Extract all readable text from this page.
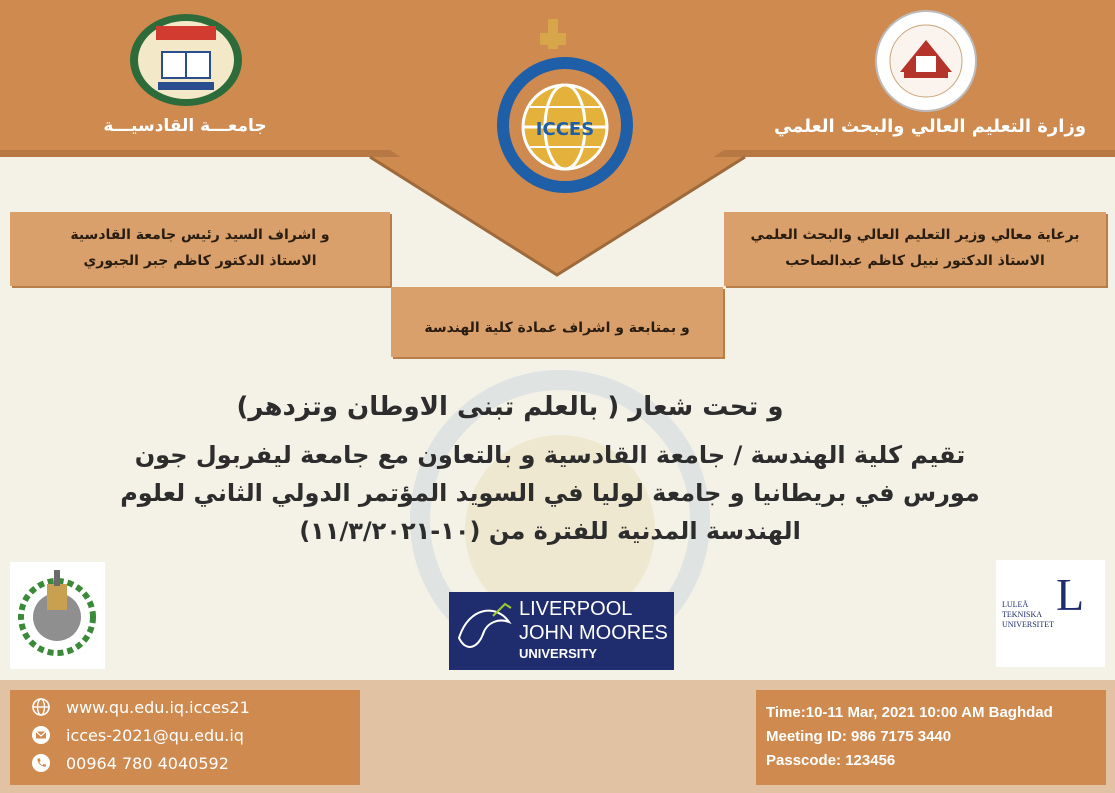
ICCES
جامعـــة القادسيـــة	وزارة التعليم العالي والبحث العلمي

برعاية معالي وزير التعليم العالي والبحث العلمي

الاستاذ الدكتور نبيل كاظم عبدالصاحب

و اشراف السيد رئيس جامعة القادسية

الاستاذ الدكتور كاظم جبر الجبوري

و بمتابعة و اشراف عمادة كلية الهندسة

و تحت شعار ( بالعلم تبنى الاوطان وتزدهر)
تقيم كلية الهندسة / جامعة القادسية و بالتعاون مع جامعة ليفربول جون
مورس في بريطانيا و جامعة لوليا في السويد المؤتمر الدولي الثاني لعلوم
الهندسة المدنية للفترة من (١٠-١١/٣/٢٠٢١)
LIVERPOOL
JOHN MOORES
UNIVERSITY
L
LULEÅ
TEKNISKA
UNIVERSITET
www.qu.edu.iq.icces21
icces-2021@qu.edu.iq
00964 780 4040592
Time:10-11 Mar, 2021 10:00 AM Baghdad
Meeting ID: 986 7175 3440
Passcode: 123456
